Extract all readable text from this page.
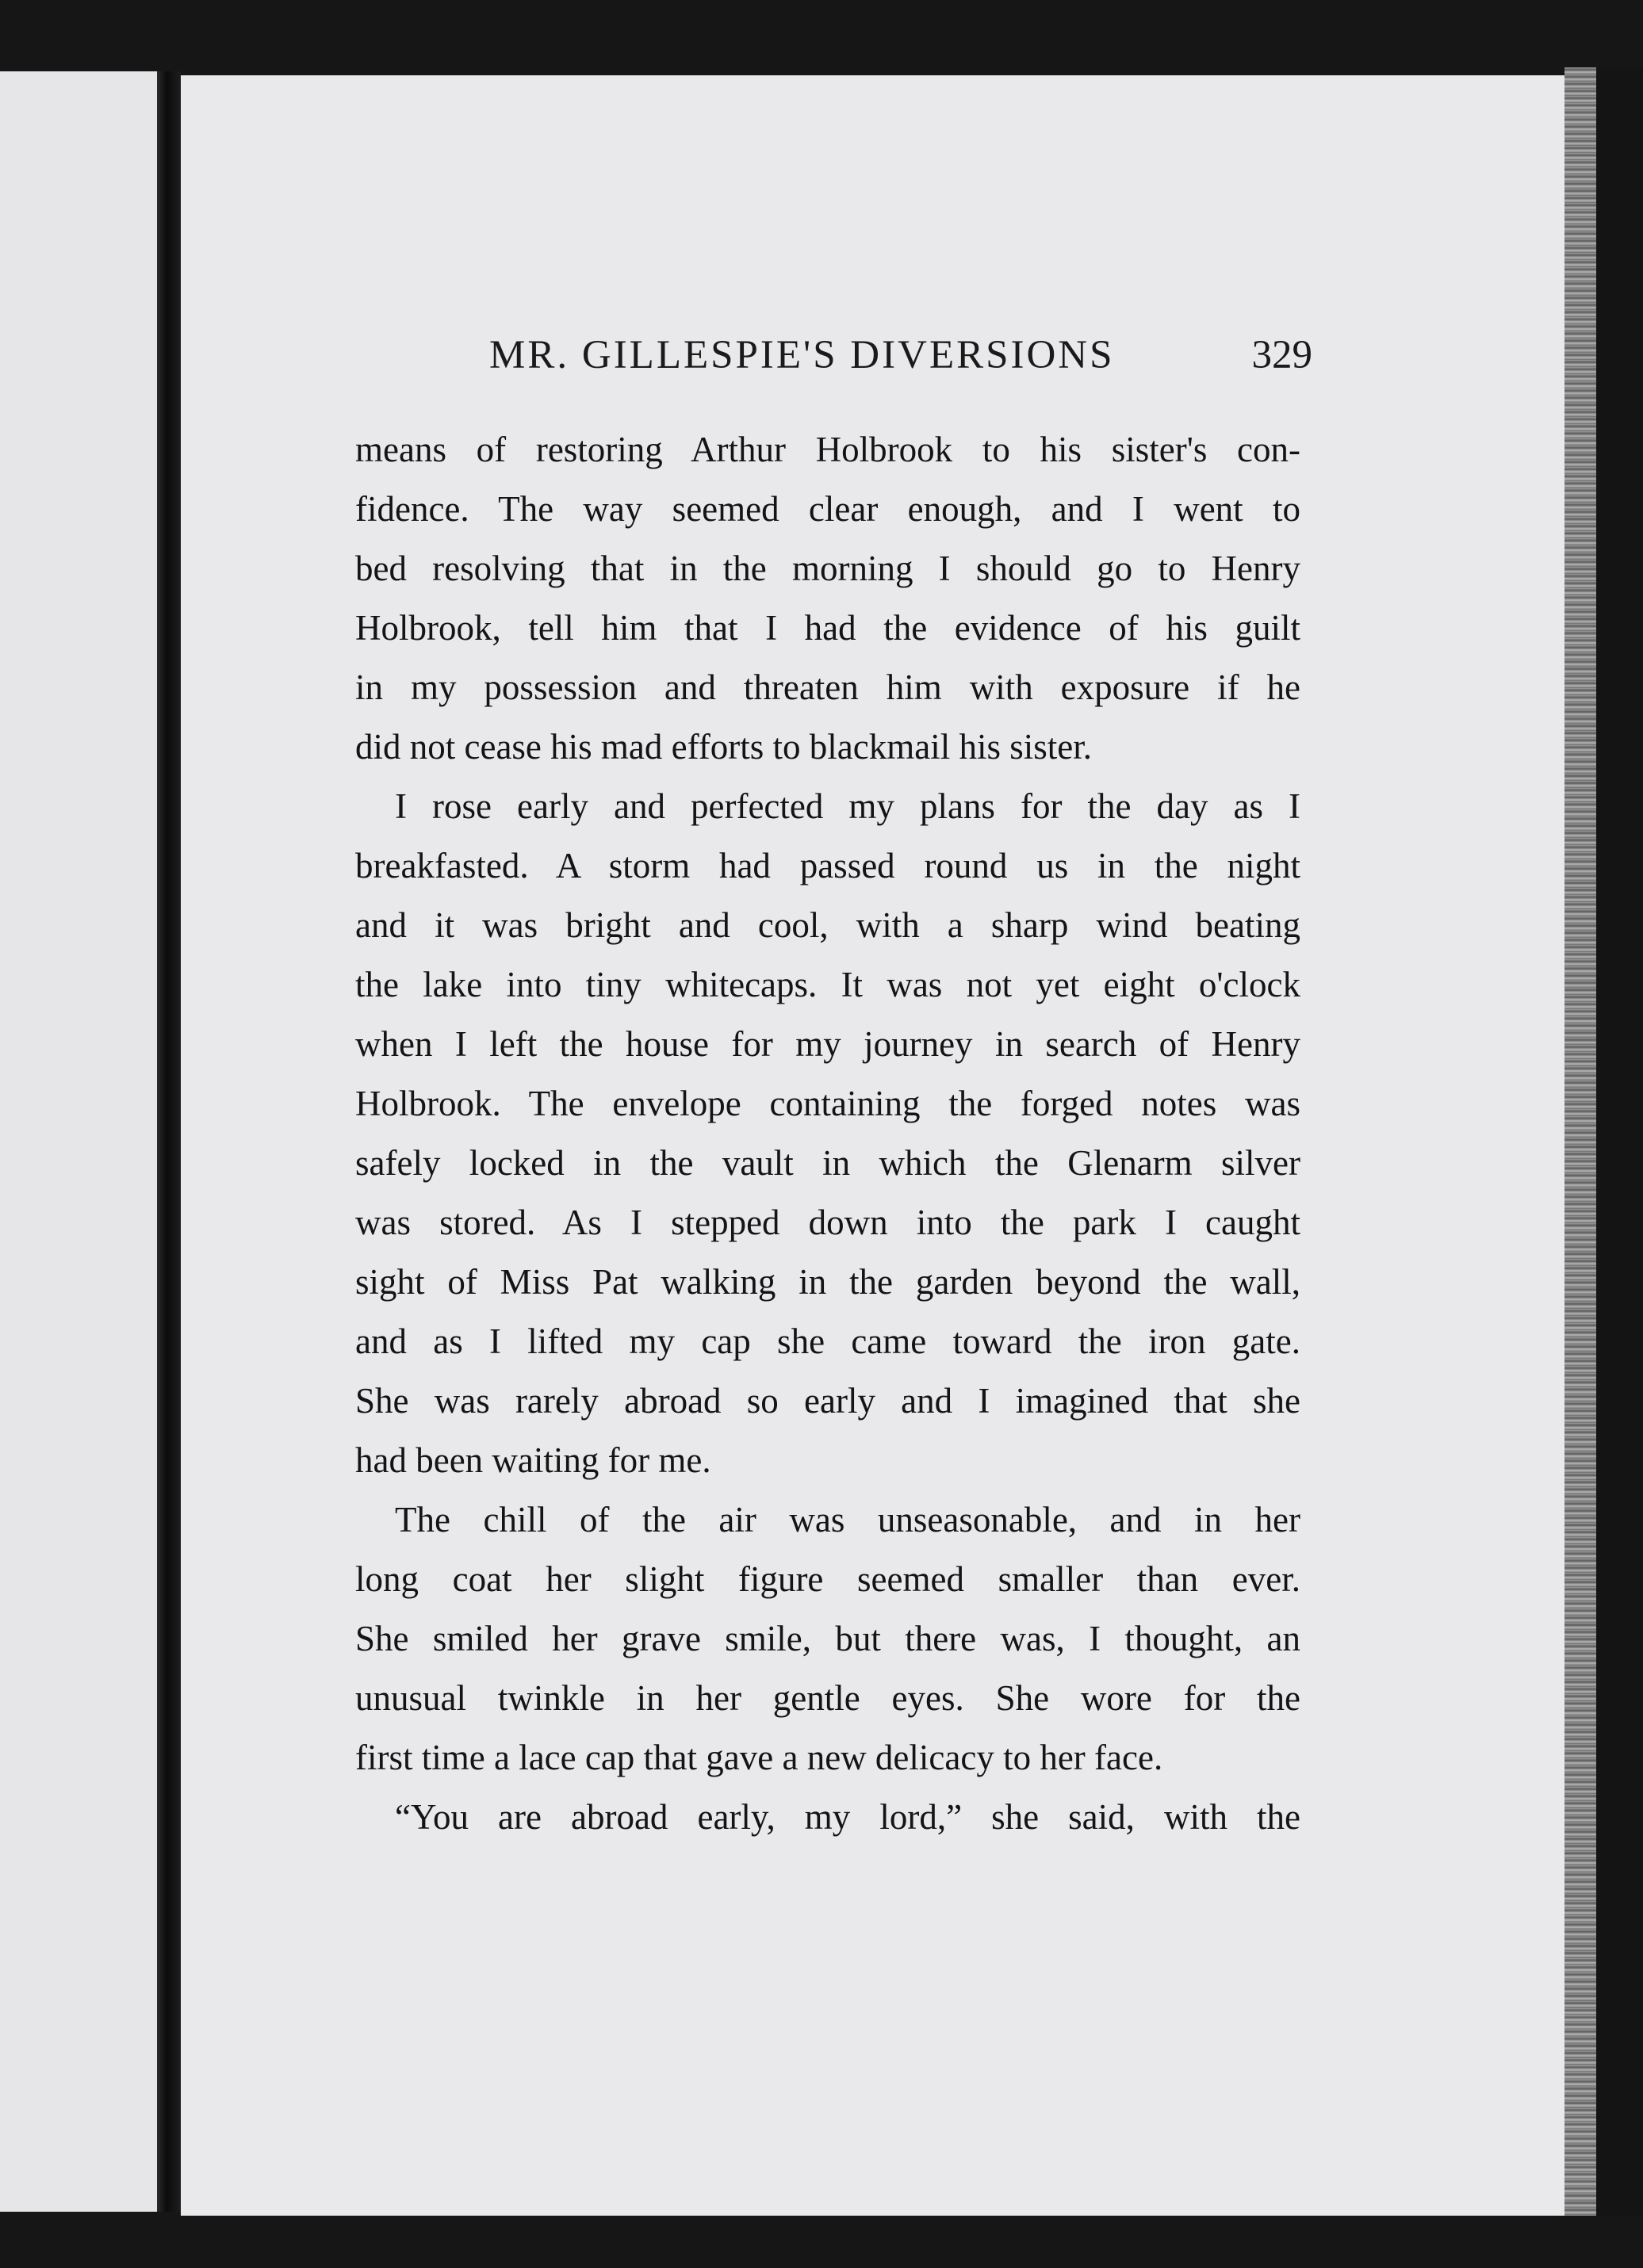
MR. GILLESPIE'S DIVERSIONS	329
means of restoring Arthur Holbrook to his sister's con-
fidence. The way seemed clear enough, and I went to
bed resolving that in the morning I should go to Henry
Holbrook, tell him that I had the evidence of his guilt
in my possession and threaten him with exposure if he
did not cease his mad efforts to blackmail his sister.
I rose early and perfected my plans for the day as I
breakfasted. A storm had passed round us in the night
and it was bright and cool, with a sharp wind beating
the lake into tiny whitecaps. It was not yet eight o'clock
when I left the house for my journey in search of Henry
Holbrook. The envelope containing the forged notes was
safely locked in the vault in which the Glenarm silver
was stored. As I stepped down into the park I caught
sight of Miss Pat walking in the garden beyond the wall,
and as I lifted my cap she came toward the iron gate.
She was rarely abroad so early and I imagined that she
had been waiting for me.
The chill of the air was unseasonable, and in her
long coat her slight figure seemed smaller than ever.
She smiled her grave smile, but there was, I thought, an
unusual twinkle in her gentle eyes. She wore for the
first time a lace cap that gave a new delicacy to her face.
“You are abroad early, my lord,” she said, with the
